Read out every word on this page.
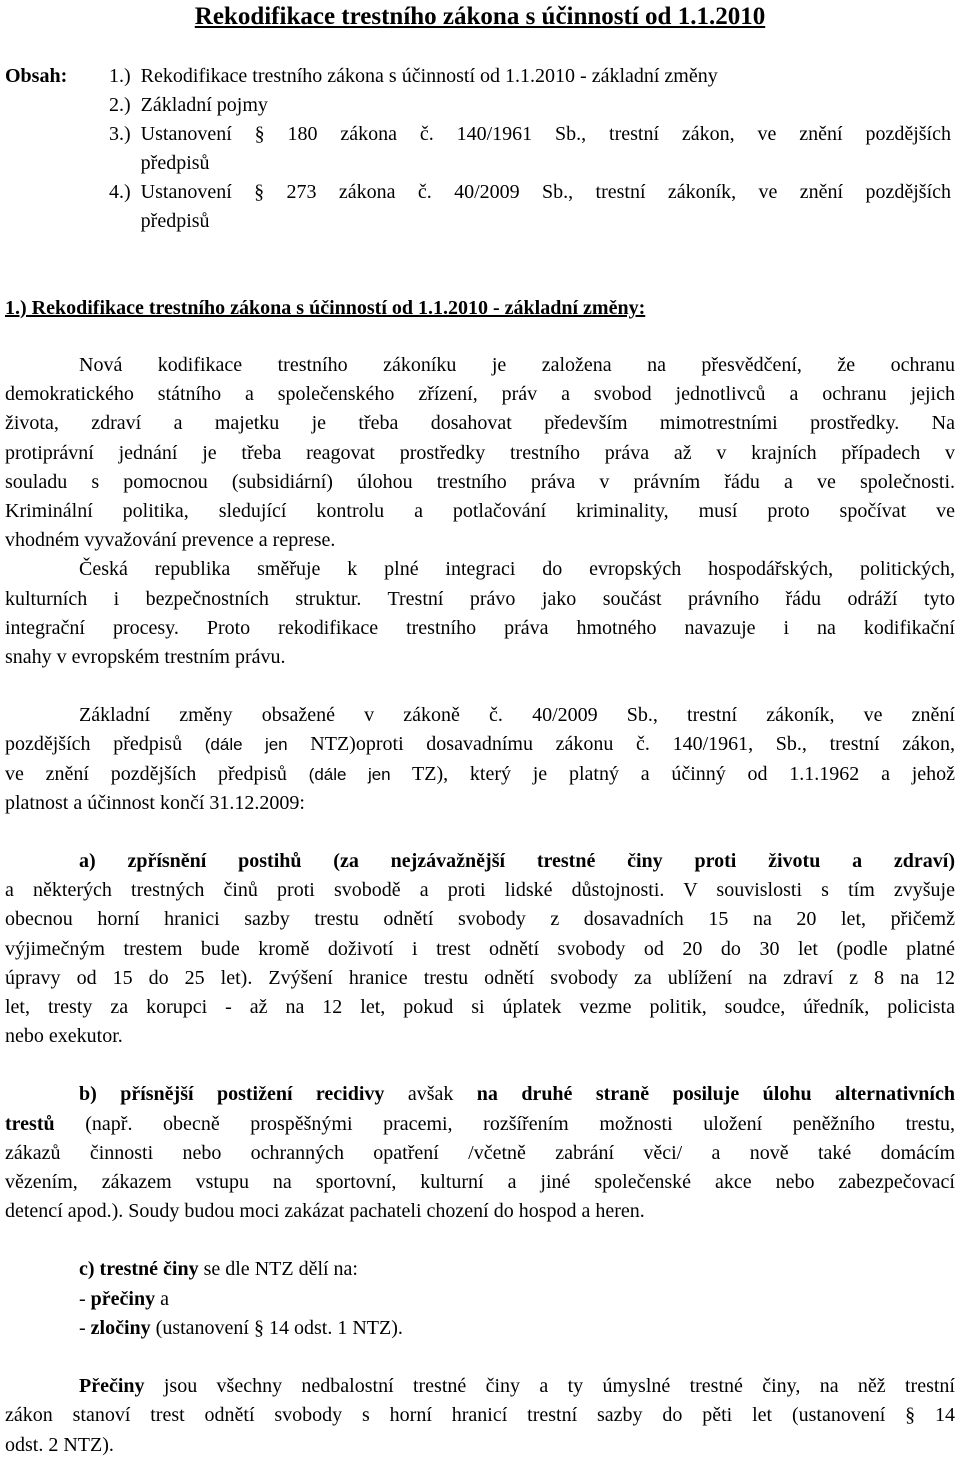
Rekodifikace trestního zákona s účinností od 1.1.2010
Obsah: 1.) Rekodifikace trestního zákona s účinností od 1.1.2010 - základní změny
2.) Základní pojmy
3.) Ustanovení § 180 zákona č. 140/1961 Sb., trestní zákon, ve znění pozdějších
předpisů
4.) Ustanovení § 273 zákona č. 40/2009 Sb., trestní zákoník, ve znění pozdějších
předpisů
1.) Rekodifikace trestního zákona s účinností od 1.1.2010 - základní změny:
Nová kodifikace trestního zákoníku je založena na přesvědčení, že ochranu
demokratického státního a společenského zřízení, práv a svobod jednotlivců a ochranu jejich
života, zdraví a majetku je třeba dosahovat především mimotrestními prostředky. Na
protiprávní jednání je třeba reagovat prostředky trestního práva až v krajních případech v
souladu s pomocnou (subsidiární) úlohou trestního práva v právním řádu a ve společnosti.
Kriminální politika, sledující kontrolu a potlačování kriminality, musí proto spočívat ve
vhodném vyvažování prevence a represe.
Česká republika směřuje k plné integraci do evropských hospodářských, politických,
kulturních i bezpečnostních struktur. Trestní právo jako součást právního řádu odráží tyto
integrační procesy. Proto rekodifikace trestního práva hmotného navazuje i na kodifikační
snahy v evropském trestním právu.
Základní změny obsažené v zákoně č. 40/2009 Sb., trestní zákoník, ve znění
pozdějších předpisů (dále jen NTZ)oproti dosavadnímu zákonu č. 140/1961, Sb., trestní zákon,
ve znění pozdějších předpisů (dále jen TZ), který je platný a účinný od 1.1.1962 a jehož
platnost a účinnost končí 31.12.2009:
a) zpřísnění postihů (za nejzávažnější trestné činy proti životu a zdraví)
a některých trestných činů proti svobodě a proti lidské důstojnosti. V souvislosti s tím zvyšuje
obecnou horní hranici sazby trestu odnětí svobody z dosavadních 15 na 20 let, přičemž
výjimečným trestem bude kromě doživotí i trest odnětí svobody od 20 do 30 let (podle platné
úpravy od 15 do 25 let). Zvýšení hranice trestu odnětí svobody za ublížení na zdraví z 8 na 12
let, tresty za korupci - až na 12 let, pokud si úplatek vezme politik, soudce, úředník, policista
nebo exekutor.
b) přísnější postižení recidivy avšak na druhé straně posiluje úlohu alternativních
trestů (např. obecně prospěšnými pracemi, rozšířením možnosti uložení peněžního trestu,
zákazů činnosti nebo ochranných opatření /včetně zabrání věci/ a nově také domácím
vězením, zákazem vstupu na sportovní, kulturní a jiné společenské akce nebo zabezpečovací
detencí apod.). Soudy budou moci zakázat pachateli chození do hospod a heren.
c) trestné činy se dle NTZ dělí na:
- přečiny a
- zločiny (ustanovení § 14 odst. 1 NTZ).
Přečiny jsou všechny nedbalostní trestné činy a ty úmyslné trestné činy, na něž trestní
zákon stanoví trest odnětí svobody s horní hranicí trestní sazby do pěti let (ustanovení § 14
odst. 2 NTZ).
